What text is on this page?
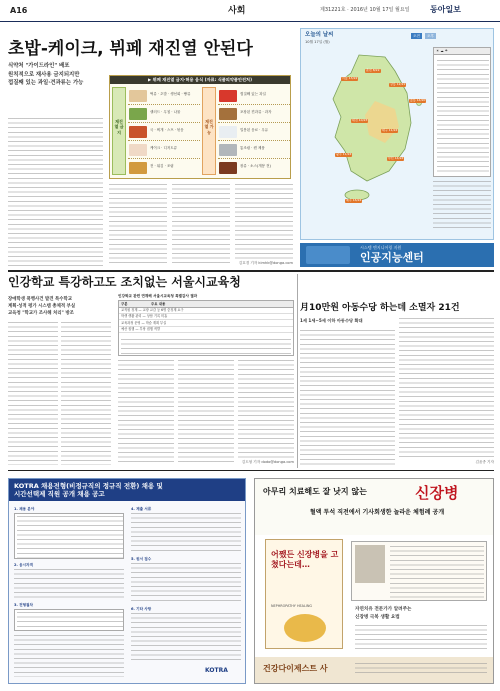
A16	사회	제31221호 · 2016년 10월 17일 월요일	동아일보
초밥-케이크, 뷔페 재진열 안된다
식약처 "가이드라인" 배포
원칙적으로 재사용 금지되지만
껍질째 있는 과일·견과류는 가능
▶ 뷔페 재진열 금지·허용 음식 (자료: 식품의약품안전처)
재진열 금지
재진열 가능
떡류 · 초밥 · 생선회 · 빵류
샐러드 · 무침 · 나물
국 · 찌개 · 스프 · 볶음
케이크 · 디저트류
전 · 튀김 · 조림
껍질째 있는 과일
포장된 견과류 · 과자
밀봉된 음료 · 우유
통조림 · 캔 제품
장류 · 소스(개봉 전)
김호경 기자 kimhk@donga.com
오늘의 날씨
10월 17일 (월)
오전	오후
서울 13/22
춘천 8/22
강릉 12/21
대전 10/23
대구 11/24
광주 11/24
부산 14/24
제주 16/24
울릉 14/20
☀ ☁ ☂
시스템 엔지니어링 지원
인공지능센터
인강학교 특강하고도 조치없는 서울시교육청
장애학생 폭행사건 발견 특수학교
계획·성적 평가 시스템 총체적 부실
교육청 "학교가 조사해 처리" 방조
인강학교 관련 연계해 서울시교육청 특별감사 결과
구분	주요 내용
교직원 징계 — 교장 교감 등 6명 중징계 요구
학생 생활 관리 — 상담 기록 미흡
교육과정 운영 — 학습 계획 부실
예산 집행 — 부당 집행 적발
김도형 기자 dodo@donga.com
月10만원 아동수당 하는데 소멸자 21건
1세 1세~5세 이하 아동수당 확대
김윤종 기자
KOTRA 채용전형(비정규직의 정규직 전환) 채용 및
시간선택제 직원 공개 채용 공고
1. 채용 분야
2. 응시자격
3. 전형절차
4. 제출 서류
5. 원서 접수
6. 기타 사항
KOTRA
아무리 치료해도 잘 낫지 않는	신장병
혈액 투석 직전에서 기사회생한 놀라운 체험례 공개
어쨌든 신장병을 고쳤다는데…
NEPHROPATHY HEALING
자연치유 전문가가 알려주는
신장병 극복 생활 요법
건강다이제스트 사
